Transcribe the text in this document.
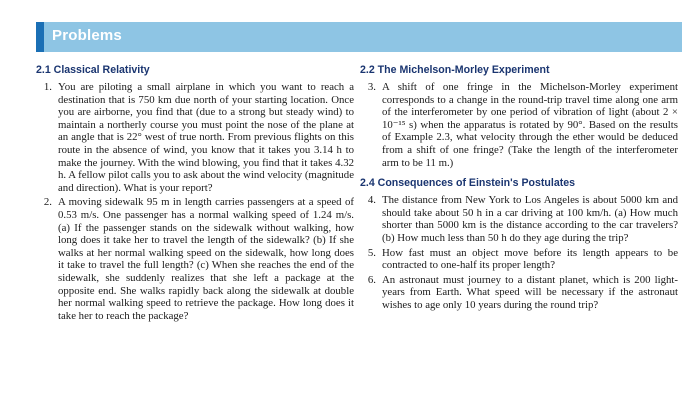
Problems
2.1 Classical Relativity
1. You are piloting a small airplane in which you want to reach a destination that is 750 km due north of your starting location. Once you are airborne, you find that (due to a strong but steady wind) to maintain a northerly course you must point the nose of the plane at an angle that is 22° west of true north. From previous flights on this route in the absence of wind, you know that it takes you 3.14 h to make the journey. With the wind blowing, you find that it takes 4.32 h. A fellow pilot calls you to ask about the wind velocity (magnitude and direction). What is your report?
2. A moving sidewalk 95 m in length carries passengers at a speed of 0.53 m/s. One passenger has a normal walking speed of 1.24 m/s. (a) If the passenger stands on the sidewalk without walking, how long does it take her to travel the length of the sidewalk? (b) If she walks at her normal walking speed on the sidewalk, how long does it take to travel the full length? (c) When she reaches the end of the sidewalk, she suddenly realizes that she left a package at the opposite end. She walks rapidly back along the sidewalk at double her normal walking speed to retrieve the package. How long does it take her to reach the package?
2.2 The Michelson-Morley Experiment
3. A shift of one fringe in the Michelson-Morley experiment corresponds to a change in the round-trip travel time along one arm of the interferometer by one period of vibration of light (about 2 × 10⁻¹⁵ s) when the apparatus is rotated by 90°. Based on the results of Example 2.3, what velocity through the ether would be deduced from a shift of one fringe? (Take the length of the interferometer arm to be 11 m.)
2.4 Consequences of Einstein's Postulates
4. The distance from New York to Los Angeles is about 5000 km and should take about 50 h in a car driving at 100 km/h. (a) How much shorter than 5000 km is the distance according to the car travelers? (b) How much less than 50 h do they age during the trip?
5. How fast must an object move before its length appears to be contracted to one-half its proper length?
6. An astronaut must journey to a distant planet, which is 200 light-years from Earth. What speed will be necessary if the astronaut wishes to age only 10 years during the round trip?
